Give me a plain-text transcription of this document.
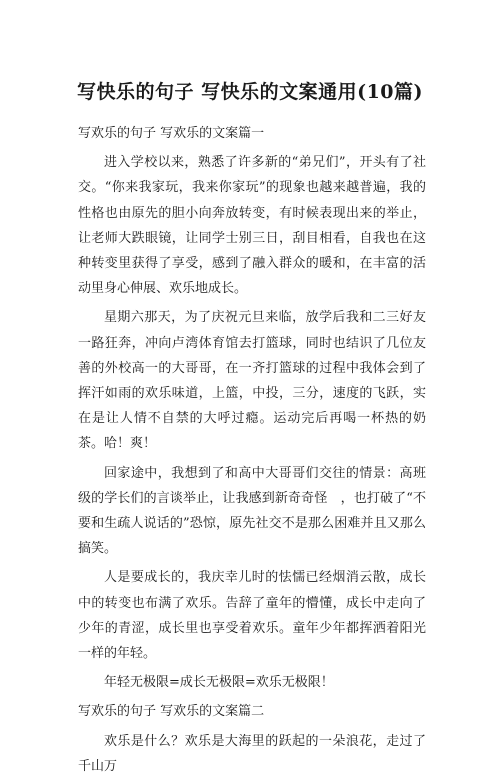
写快乐的句子 写快乐的文案通用(10篇)

写欢乐的句子 写欢乐的文案篇一

进入学校以来，熟悉了许多新的“弟兄们”，开头有了社交。“你来我家玩，我来你家玩”的现象也越来越普遍，我的性格也由原先的胆小向奔放转变，有时候表现出来的举止，让老师大跌眼镜，让同学士别三日，刮目相看，自我也在这种转变里获得了享受，感到了融入群众的暖和，在丰富的活动里身心伸展、欢乐地成长。

星期六那天，为了庆祝元旦来临，放学后我和二三好友一路狂奔，冲向卢湾体育馆去打篮球，同时也结识了几位友善的外校高一的大哥哥，在一齐打篮球的过程中我体会到了挥汗如雨的欢乐味道，上篮，中投，三分，速度的飞跃，实在是让人情不自禁的大呼过瘾。运动完后再喝一杯热的奶茶。哈！爽！

回家途中，我想到了和高中大哥哥们交往的情景：高班级的学长们的言谈举止，让我感到新奇奇怪　，也打破了“不要和生疏人说话的”恐惊，原先社交不是那么困难并且又那么搞笑。

人是要成长的，我庆幸儿时的怯懦已经烟消云散，成长中的转变也布满了欢乐。告辞了童年的懵懂，成长中走向了少年的青涩，成长里也享受着欢乐。童年少年都挥洒着阳光一样的年轻。

年轻无极限=成长无极限=欢乐无极限！

写欢乐的句子 写欢乐的文案篇二

欢乐是什么？欢乐是大海里的跃起的一朵浪花，走过了千山万
